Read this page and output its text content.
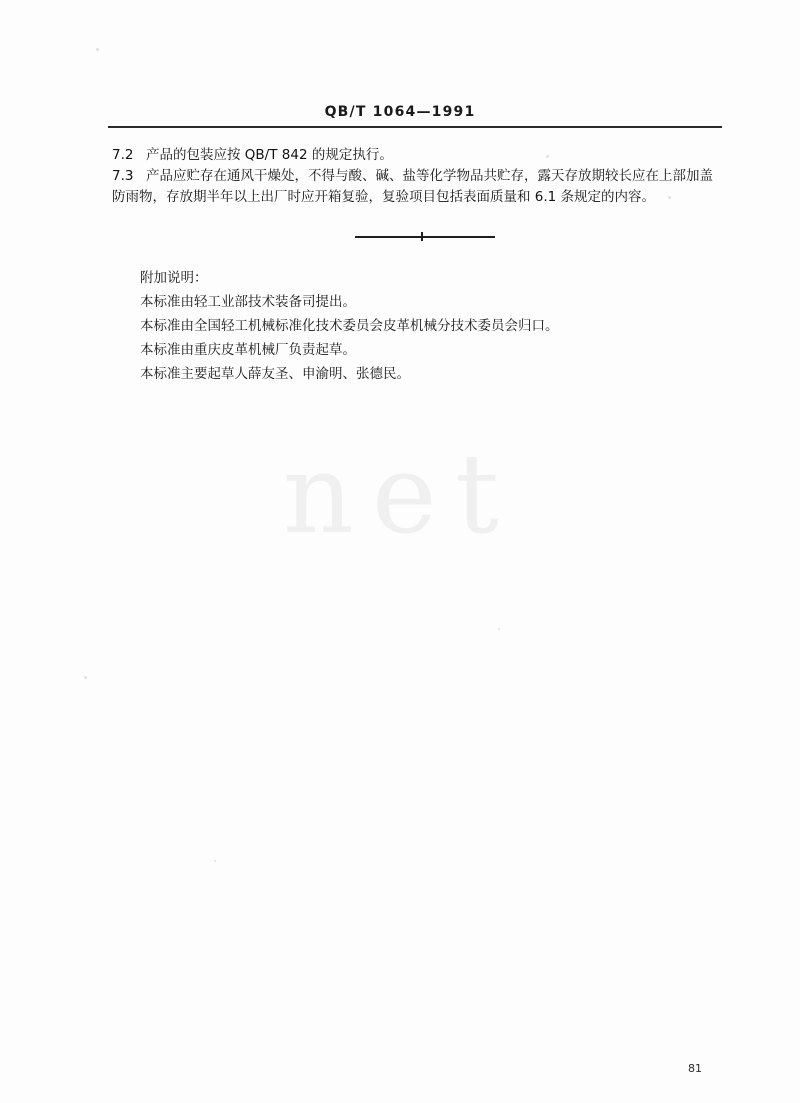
net
QB/T 1064—1991
7.2 产品的包装应按 QB/T 842 的规定执行。
7.3 产品应贮存在通风干燥处，不得与酸、碱、盐等化学物品共贮存，露天存放期较长应在上部加盖防雨物，存放期半年以上出厂时应开箱复验，复验项目包括表面质量和 6.1 条规定的内容。
附加说明：
本标准由轻工业部技术装备司提出。
本标准由全国轻工机械标准化技术委员会皮革机械分技术委员会归口。
本标准由重庆皮革机械厂负责起草。
本标准主要起草人薛友圣、申渝明、张德民。
81
